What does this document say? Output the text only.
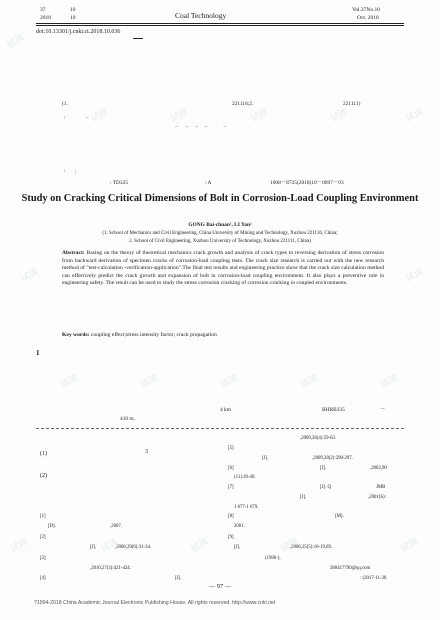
37	10
2018	10	Coal Technology
Vol.37No.10
Oct. 2018
doi:10.13301/j.cnki.ct.2018.10.036
(1.	221116;2.	221111)
:               –
–      –     –     –            –
:       ;
: TD325	: A	1008－8725(2018)10－0097－03
Study on Cracking Critical Dimensions of Bolt in Corrosion-Load Coupling Environment
GONG Bai-chuan¹, LI Yan²
(1. School of Mechanics and Civil Engineering, China University of Mining and Technology, Xuzhou 221116, China;
2. School of Civil Engineering, Xuzhou University of Technology, Xuzhou 221111, China)
Abstract: Basing on the theory of theoretical mechanics crack growth and analysis of crack types to reversing derivation of stress corrosion from backward derivation of specimen cracks of corrosion-load coupling tests. The crack size research is carried out with the new research method of "test-calculation -verification-application".The final test results and engineering practice show that the crack size calculation method can effectively predict the crack growth and expansion of bolt in corrosion-load coupling environment. It also plays a preventive role in engineering safety. The result can be used to study the stress corrosion cracking of corrosion cracking in coupled environments.
Key words: coupling effect;stress intensity factor; crack propagation
1
4 km	BHRB335	－
410 m,
(1)	3
(2)
[1]
[D].	,2007.
[2]
[J].	,2008,29(6):31-34.
[3]
,2010,27(3):421-424.
[4]	[J].
,2009,28(4):59-63.
[5]
[J].	,2009,28(2):290-297.
[6]	[J].	,2003,90
(11):39-40.
[7]	[J]. Q	JMB
[J].	,2001(S):
1 677-1 679.
[8]	[M].
2001.
[9]
[J].	,2006,35(5):16-19,89.
(1986-),
380417790@qq.com
: (2017-11-30
— 97 —
?1994-2018 China Academic Journal Electronic Publishing House. All rights reserved. http://www.cnki.net
试读
试读	试读	试读	试读	试读
试读	试读
试读	试读	试读	试读	试读
试读	试读	试读	试读	试读
